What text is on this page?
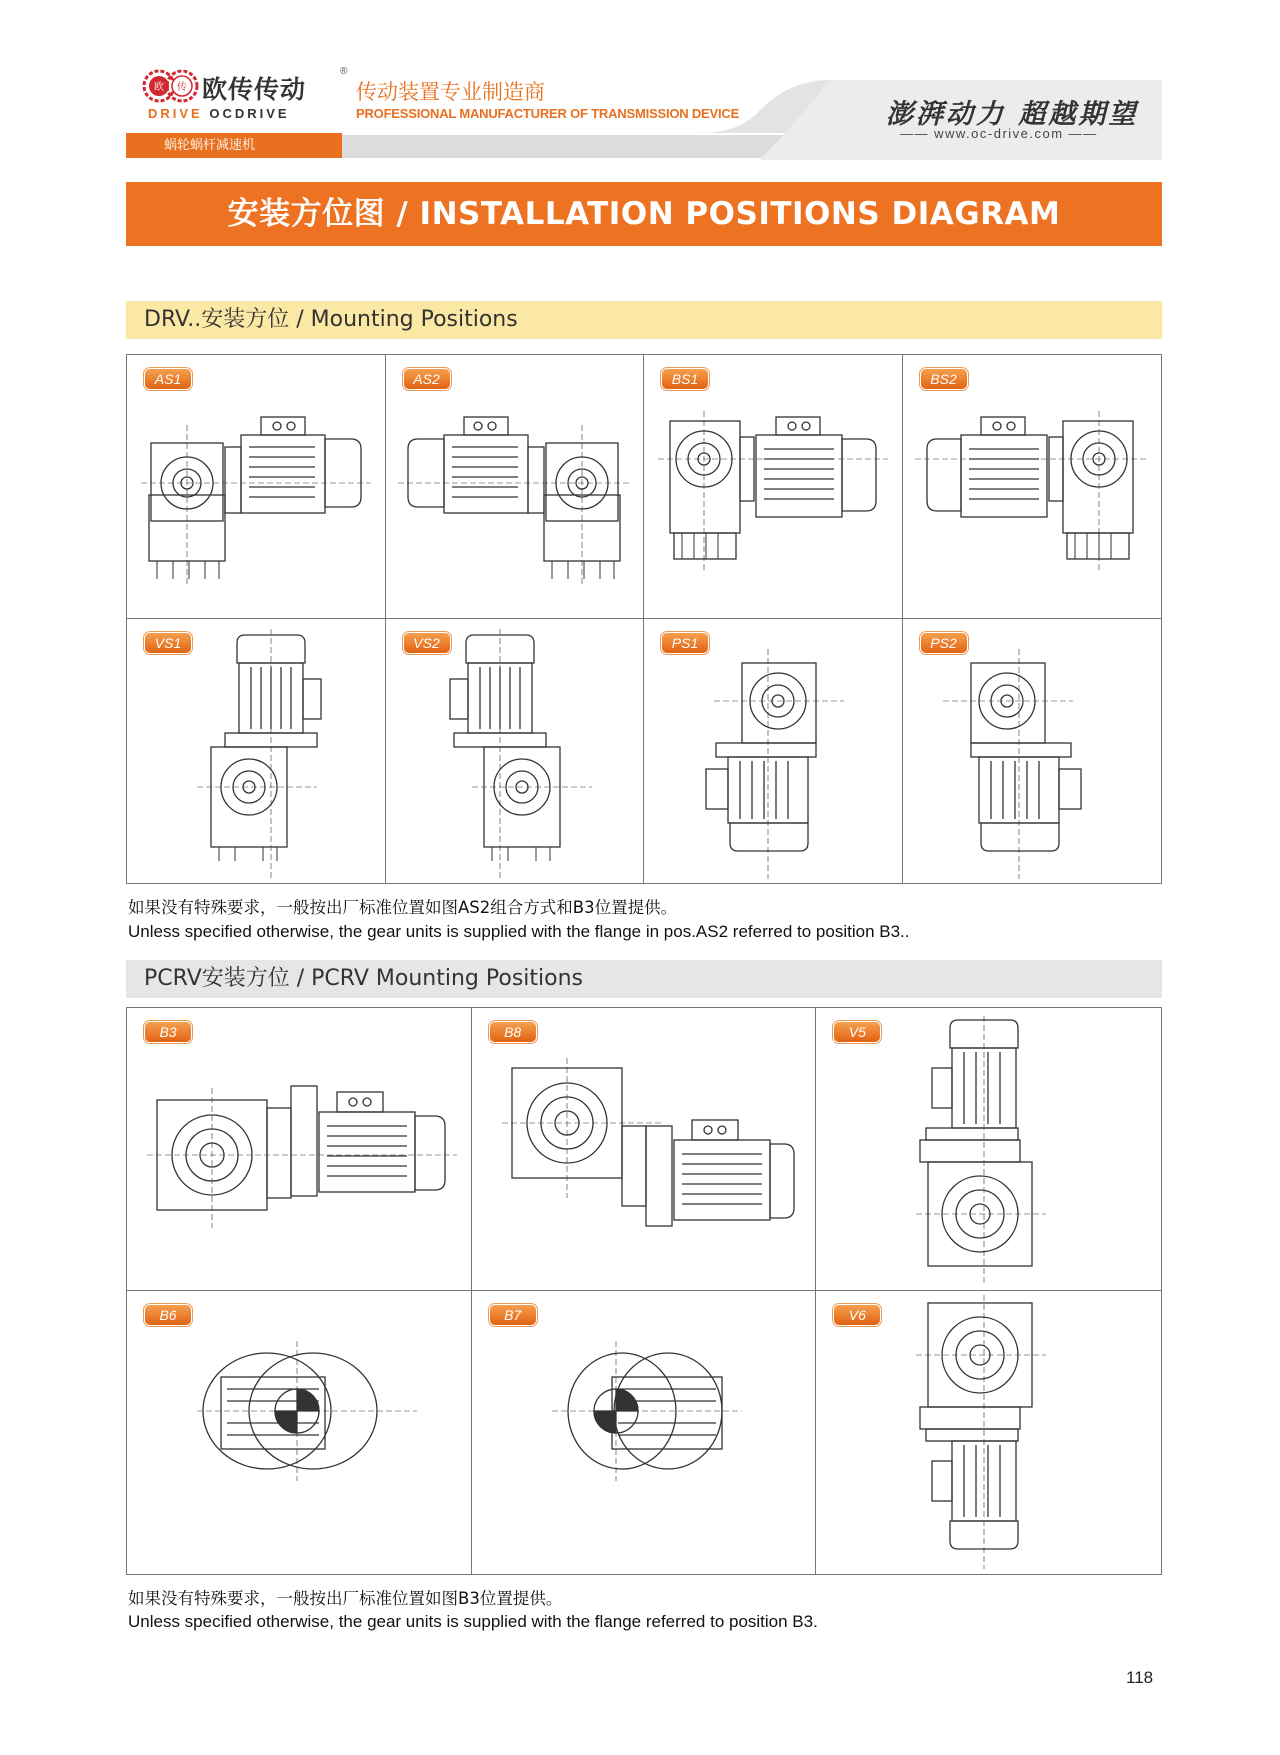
欧 传 欧传传动
®
DRIVE OCDRIVE
传动装置专业制造商
PROFESSIONAL MANUFACTURER OF TRANSMISSION DEVICE	澎湃动力 超越期望
—— www.oc-drive.com ——
蜗轮蜗杆减速机
安装方位图 / INSTALLATION POSITIONS DIAGRAM
DRV..安装方位 / Mounting Positions
AS1	AS2	BS1	BS2
VS1	VS2	PS1	PS2
如果没有特殊要求，一般按出厂标准位置如图AS2组合方式和B3位置提供。
Unless specified otherwise, the gear units is supplied with the flange in pos.AS2 referred to position B3..
PCRV安装方位 / PCRV Mounting Positions
B3	B8	V5
B6	B7	V6
如果没有特殊要求，一般按出厂标准位置如图B3位置提供。
Unless specified otherwise, the gear units is supplied with the flange referred to position B3.
118
